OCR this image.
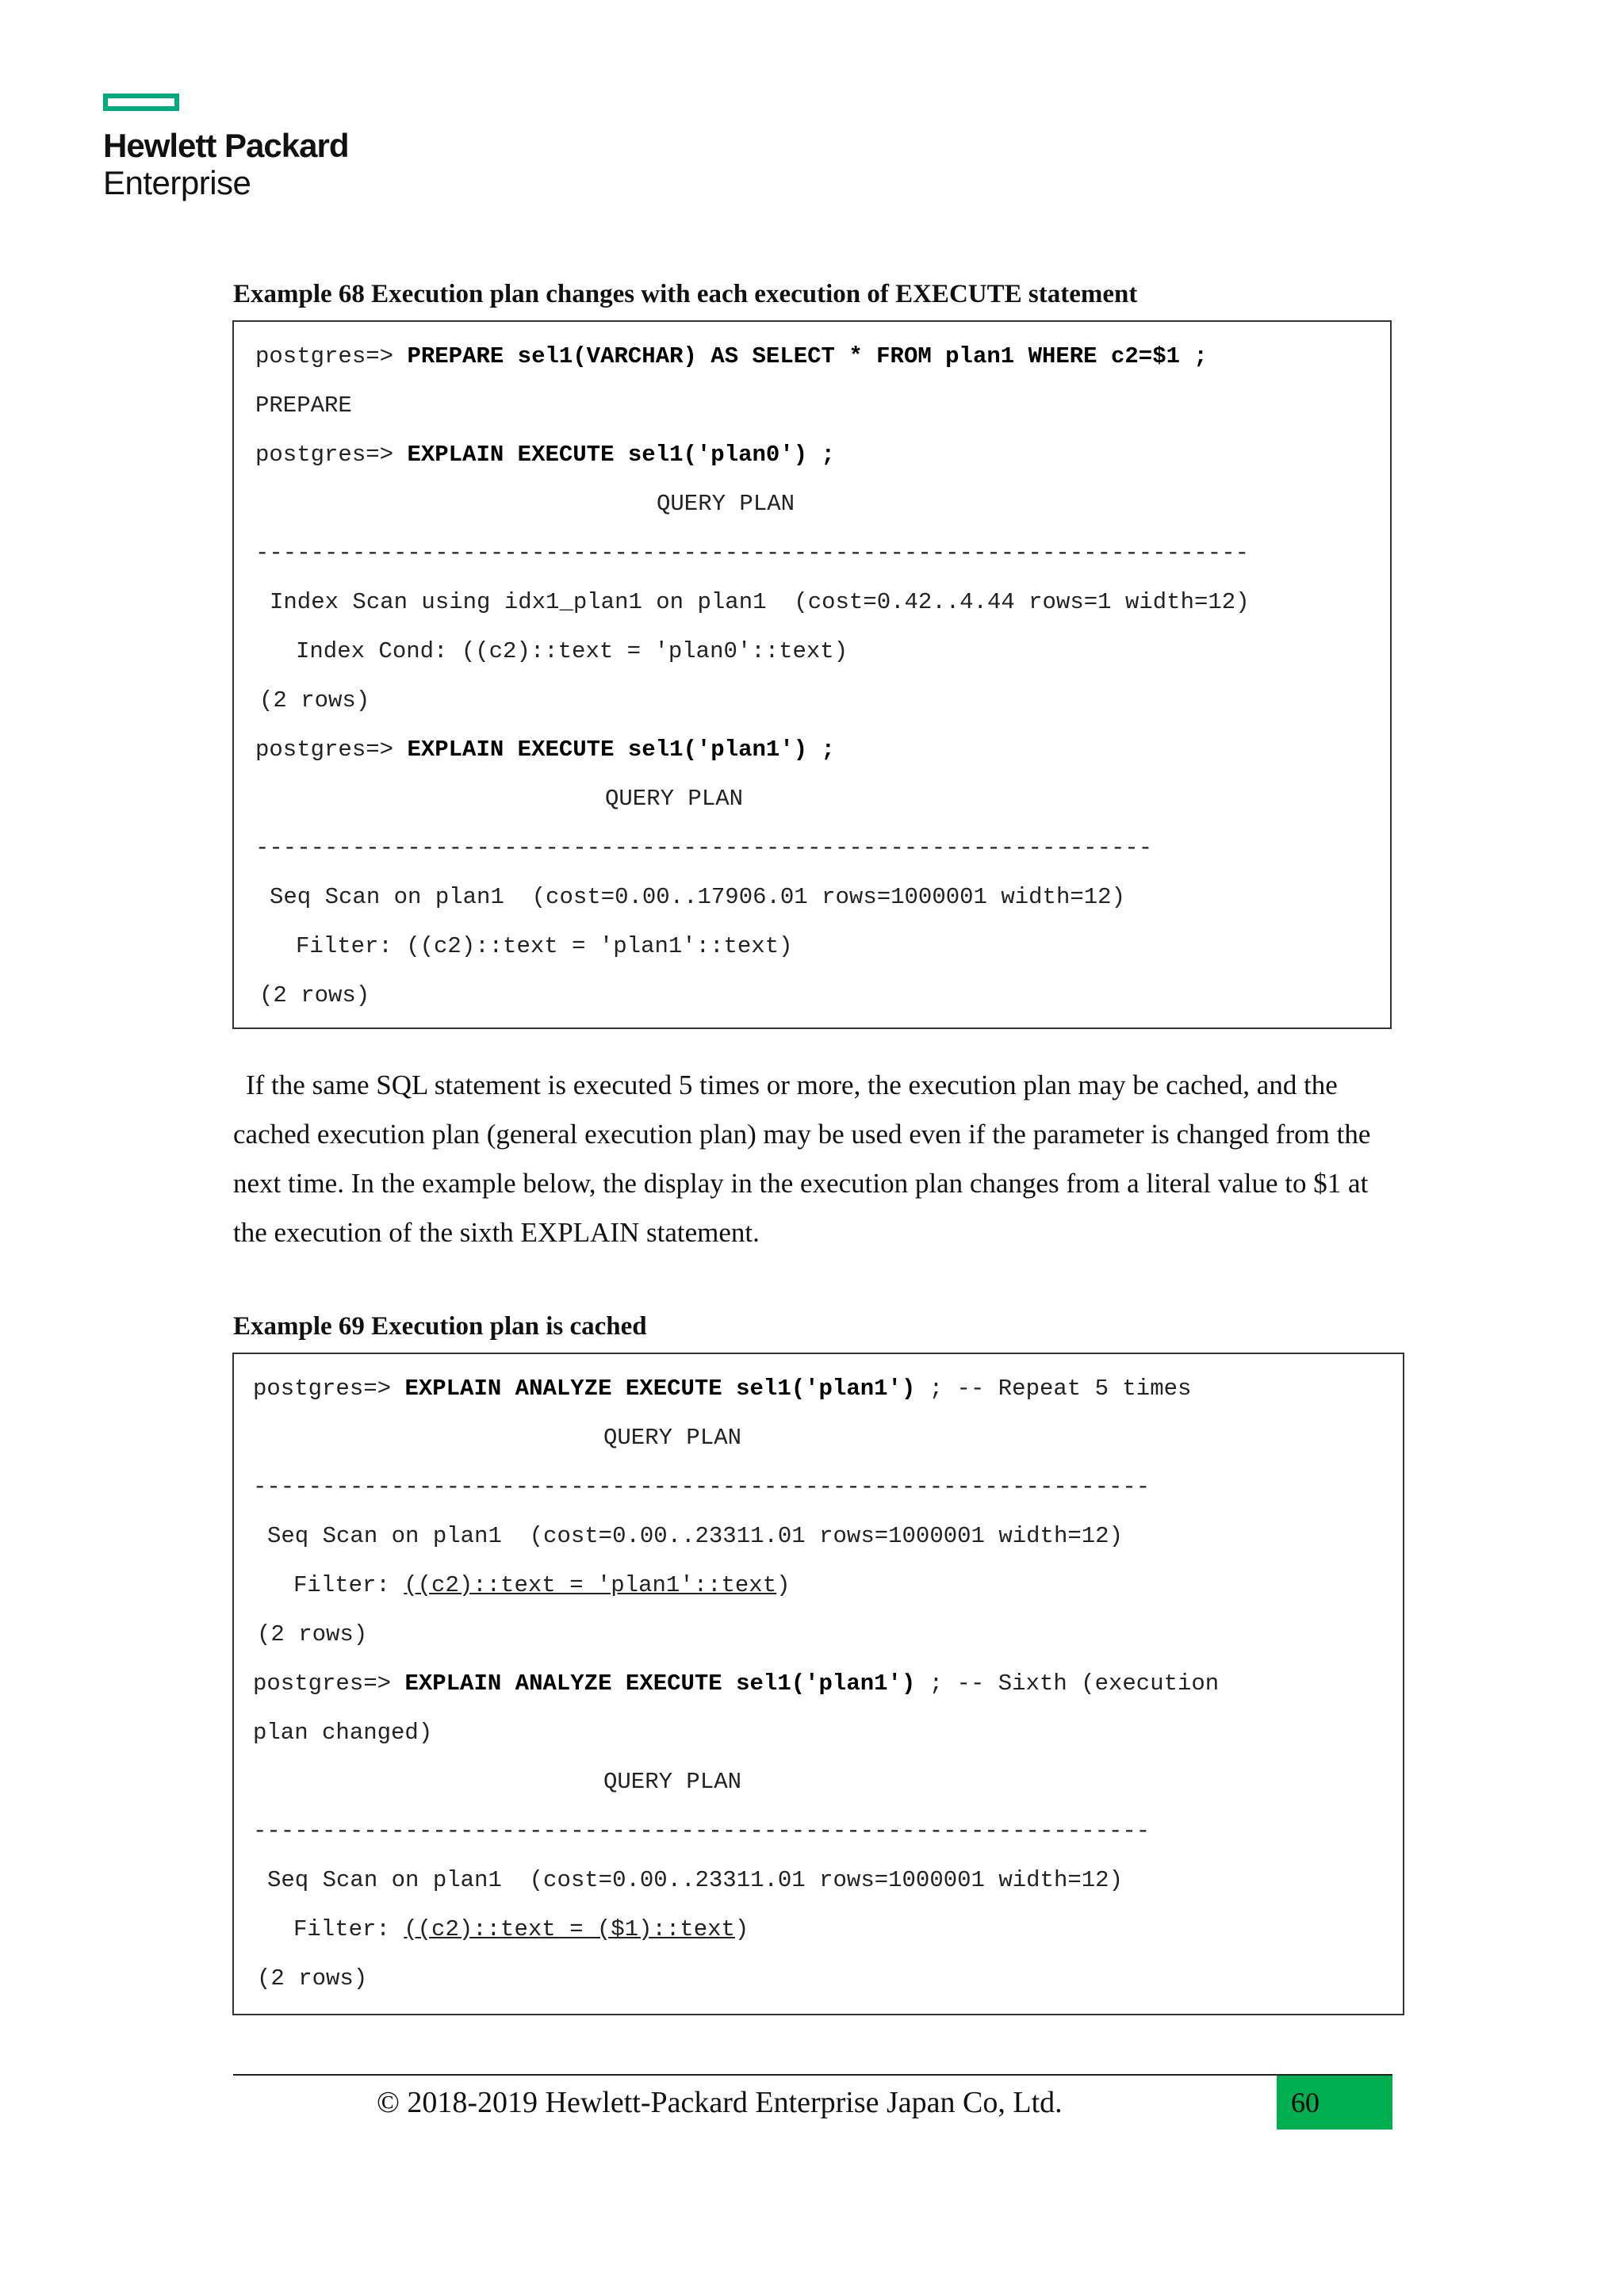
Hewlett Packard
Enterprise
Example 68 Execution plan changes with each execution of EXECUTE statement
postgres=> PREPARE sel1(VARCHAR) AS SELECT * FROM plan1 WHERE c2=$1 ;
PREPARE
postgres=> EXPLAIN EXECUTE sel1('plan0') ;
QUERY PLAN
------------------------------------------------------------------------
Index Scan using idx1_plan1 on plan1  (cost=0.42..4.44 rows=1 width=12)
Index Cond: ((c2)::text = 'plan0'::text)
(2 rows)
postgres=> EXPLAIN EXECUTE sel1('plan1') ;
QUERY PLAN
-----------------------------------------------------------------
Seq Scan on plan1  (cost=0.00..17906.01 rows=1000001 width=12)
Filter: ((c2)::text = 'plan1'::text)
(2 rows)

If the same SQL statement is executed 5 times or more, the execution plan may be cached, and the cached execution plan (general execution plan) may be used even if the parameter is changed from the next time. In the example below, the display in the execution plan changes from a literal value to $1 at the execution of the sixth EXPLAIN statement.

Example 69 Execution plan is cached
postgres=> EXPLAIN ANALYZE EXECUTE sel1('plan1') ; -- Repeat 5 times
QUERY PLAN
-----------------------------------------------------------------
Seq Scan on plan1  (cost=0.00..23311.01 rows=1000001 width=12)
Filter: ((c2)::text = 'plan1'::text)
(2 rows)
postgres=> EXPLAIN ANALYZE EXECUTE sel1('plan1') ; -- Sixth (execution
plan changed)
QUERY PLAN
-----------------------------------------------------------------
Seq Scan on plan1  (cost=0.00..23311.01 rows=1000001 width=12)
Filter: ((c2)::text = ($1)::text)
(2 rows)
© 2018-2019 Hewlett-Packard Enterprise Japan Co, Ltd.	60
